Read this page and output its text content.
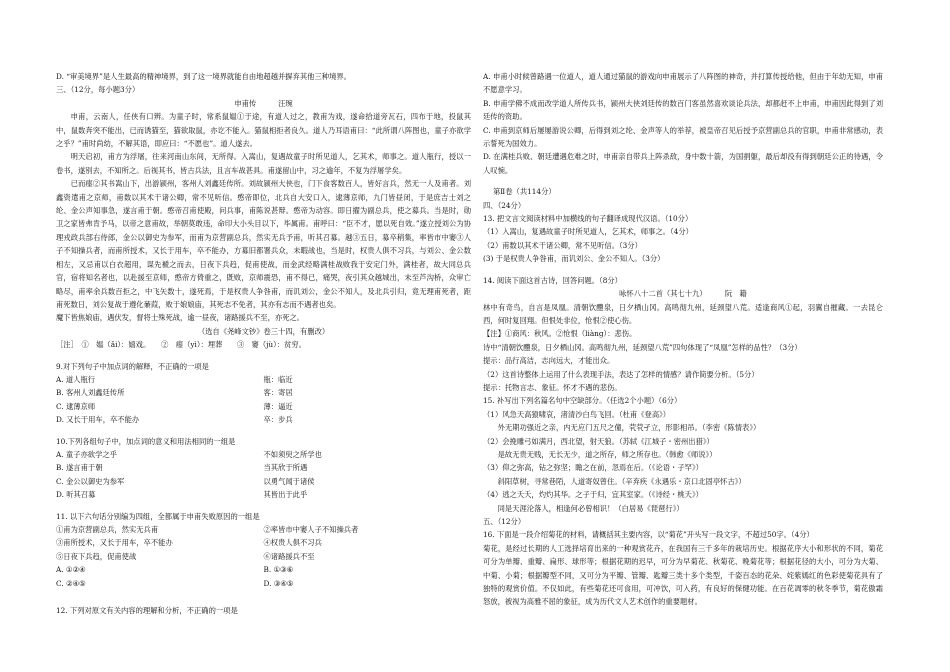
D. “审美境界”是人生最高的精神境界，到了这一境界就能自由地超越并摒弃其他三种境界。

三、（12分，每小题3分）

申甫传　　　汪琬

申甫，云南人，任侠有口辨。为童子时，常系鼠媪①于途，有道人过之，教甫为戏，遂命拾道旁瓦石，四布于地，投鼠其中，鼠数奔突不能出，已而诱猫至，猫欲取鼠，亦讫不能入。猫鼠相拒者良久。道人乃耳语甫曰：“此所谓八阵图也，童子亦欲学之乎？”甫时尚幼，不解其语，即应曰：“不愿也”。道人遂去。

明天启初，甫方为浮屠，往来河南山东间，无所得。入嵩山，复遇故童子时所见道人，乞其术，师事之。道人瓶行，授以一卷书，遂别去，不知所之。后视其书，皆古兵法，且言车战甚具。甫遂留山中，习之逾年，不复为浮屠学矣。

已而瘗②其书嵩山下，出游颍州，客州人刘鑫廷传所。刘故颍州大侠也，门下食客数百人，皆好言兵，然无一人及甫者。刘鑫资遣甫之京师，甫数以其术干诸公卿，常不见听信。憨帝即位，北兵自大安口入，逮薄京师，九门皆昼闭，于是庶吉士刘之纶、金公声知事急，遂言甫于朝。憨帝召甫使殿，问兵事，甫陈说甚辩。憨帝为动容。即日擢为副总兵，使之募兵。当是时，勋卫之家皆弗肯予马，以帝之意甫故，举朝莫敢违，命印大小头目以下，毕属甫。甫呼曰：“臣不才，愿以死自效。”遂立授刘公为协理戎政兵部右侍郎，金公以御史为参军，而甫为京营副总兵，然实无兵予甫，听其召募。越③五日，募卒稍集，率皆市中窭③人子不知操兵者，而甫所授术，又长于用车，卒不能办，方募旧都署兵众，未暇战也，当是时，权贵人俱不习兵，与刘公、金公数相左，又忌甫以白衣超用，谋先褫之而去，日夜下兵趋，促甫使战，而金武经略满桂战败我于安定门外，满桂者，故大同总兵官，宿将知名者也，以赴援至京师，憨帝方倚重之，既败，京师震恐，甫不得已，痛哭，夜引其众越城出，未至芦沟桥，众审亡略尽，甫率余兵数百拒之，中飞矢数十，遂死焉，于是权贵人争咎甫，而讥刘公，金公不知人，及北兵引归，竟无理甫死者，距甫死数日，刘公复战于遵化蒹葭，败于娘娘庙，其死志不免者，其亦有志而不遇者也矣。

魔下皆焦娘庙，遇伏发，督将士殊死战，逾一昼夜，诸路援兵不至，亦死之。

（选自《尧峰文钞》卷三十四，有删改）

［注］　①　媪（ǎi）：嬉戏。　　②　瘗（yì）：埋葬　　③　窭（jù）：贫穷。

9.对下列句子中加点词的解释，不正确的一项是

A. 道人瓶行	瓶：临近
B. 客州人刘鑫廷传所	客：寄居
C. 逮薄京师	薄：逼近
D. 又长于用车，卒不能办	卒：步兵

10.下列各组句子中，加点词的意义和用法相同的一组是

A. 童子亦欲学之乎	不如须臾之所学也
B. 遂言甫于朝	当其欣于所遇
C. 金公以御史为参军	以勇气闻于诸侯
D. 听其召募	其皆出于此乎

11. 以下六句话分别编为四组，全都属于申甫失败原因的一组是

①甫为京营副总兵，然实无兵甫	②率皆市中窭人子不知操兵者
③甫所授术，又长于用车，卒不能办	④权贵人俱不习兵
⑤日夜下兵趋，促甫使战	⑥诸路援兵不至
A. ①②④	B. ①③⑥
C. ②④⑤	D. ③④⑤

12. 下列对原文有关内容的理解和分析，不正确的一项是

A. 申甫小时候曾路遇一位道人，道人通过猫鼠的游戏向申甫展示了八阵图的神奇，并打算传授给他，但由于年幼无知，申甫不愿意学习。

B. 申甫学佛不成而改学道人所传兵书，颍州大侠刘廷传的数百门客虽然喜欢谈论兵法，却都赶不上申甫，申甫因此得到了刘廷传的资助。

C. 申甫到京师后屡屡游说公卿，后得到刘之纶、金声等人的举荐，被皇帝召见后授予京营副总兵的官职，申甫非常感动，表示誓死为国效力。

D. 在满桂兵败、朝廷遭遇危难之时，申甫亲自带兵上阵杀敌，身中数十箭，为国捐躯，最后却没有得到朝廷公正的待遇，令人叹惋。

第Ⅱ卷（共114分）

四、（24分）

13. 把文言文阅读材料中加横线的句子翻译成现代汉语。（10分）

（1）入嵩山，复遇故童子时所见道人，乞其术，师事之。（4分）

（2）甫数以其术干诸公卿，常不见听信。（3分）

(3) 于是权贵人争咎甫，而讥刘公、金公不知人。（3分）

14. 阅读下面这首古诗，回答问题。（8分）

咏怀八十二首（其七十九）　　　阮　籍

林中有奇鸟，自言是凤凰。清朝饮醴泉，日夕栖山冈。高鸣彻九州，延颈望八荒。适逢商风①起，羽翼自摧藏。一去昆仑西，何时复回翔。但恨处非位，怆恨②使心伤。

【注】①商风：秋风。②怆恨（liàng）：悲伤。

诗中“清朝饮醴泉，日夕栖山冈。高鸣彻九州，延颈望八荒”四句体现了“凤凰”怎样的品性？（3分）

提示：品行高洁，志向远大，才能出众。

（2）这首诗整体上运用了什么表现手法，表达了怎样的情感？请作简要分析。（5分）

提示：托物言志、象征。怀才不遇的悲伤。

15. 补写出下列名篇名句中空缺部分。（任选2个小题）（6分）

（1）风急天高猿啸哀，渚清沙白鸟飞回。（杜甫《登高》）

外无期功强近之亲，内无应门五尺之僮，茕茕孑立，形影相吊。（李密《陈情表》）

（2）会挽雕弓如满月，西北望，射天狼。（苏轼《江城子・密州出猎》）

是故无贵无贱，无长无少，道之所存，师之所存也。（韩愈《师说》）

（3）仰之弥高，钻之弥坚；瞻之在前，忽焉在后。（《论语・子罕》）

斜阳草树，寻常巷陌，人道寄奴曾住。（辛弃疾《永遇乐・京口北固亭怀古》）

（4）逃之夭夭，灼灼其华。之子于归，宜其室家。（《诗经・桃夭》）

同是天涯沦落人，相逢何必曾相识！（白居易《琵琶行》）

五、（12分）

16. 下面是一段介绍菊花的材料，请概括其主要内容，以“菊花”开头写一段文字，不超过50字。（4分）

菊花，是经过长期的人工选择培育出来的一种观赏花卉，在我国有三千多年的栽培历史。根据花序大小和形状的不同，菊花可分为单瓣、重瓣、扁形、球形等；根据花期的迟早，可分为早菊花、秋菊花、晚菊花等；根据花径的大小，可分为大菊、中菊、小菊；根据瓣型不同，又可分为平瓣、管瓣、匙瓣三类十多个类型，千姿百态的花朵、姹紫嫣红的色彩使菊花具有了独特的观赏价值。不仅如此，有些菊花还可食用，可冲饮，可入药，有良好的保健功能。在百花凋零的秋冬季节，菊花傲霜怒放，被视为高雅不屈的象征，成为历代文人艺术创作的重要题材。
